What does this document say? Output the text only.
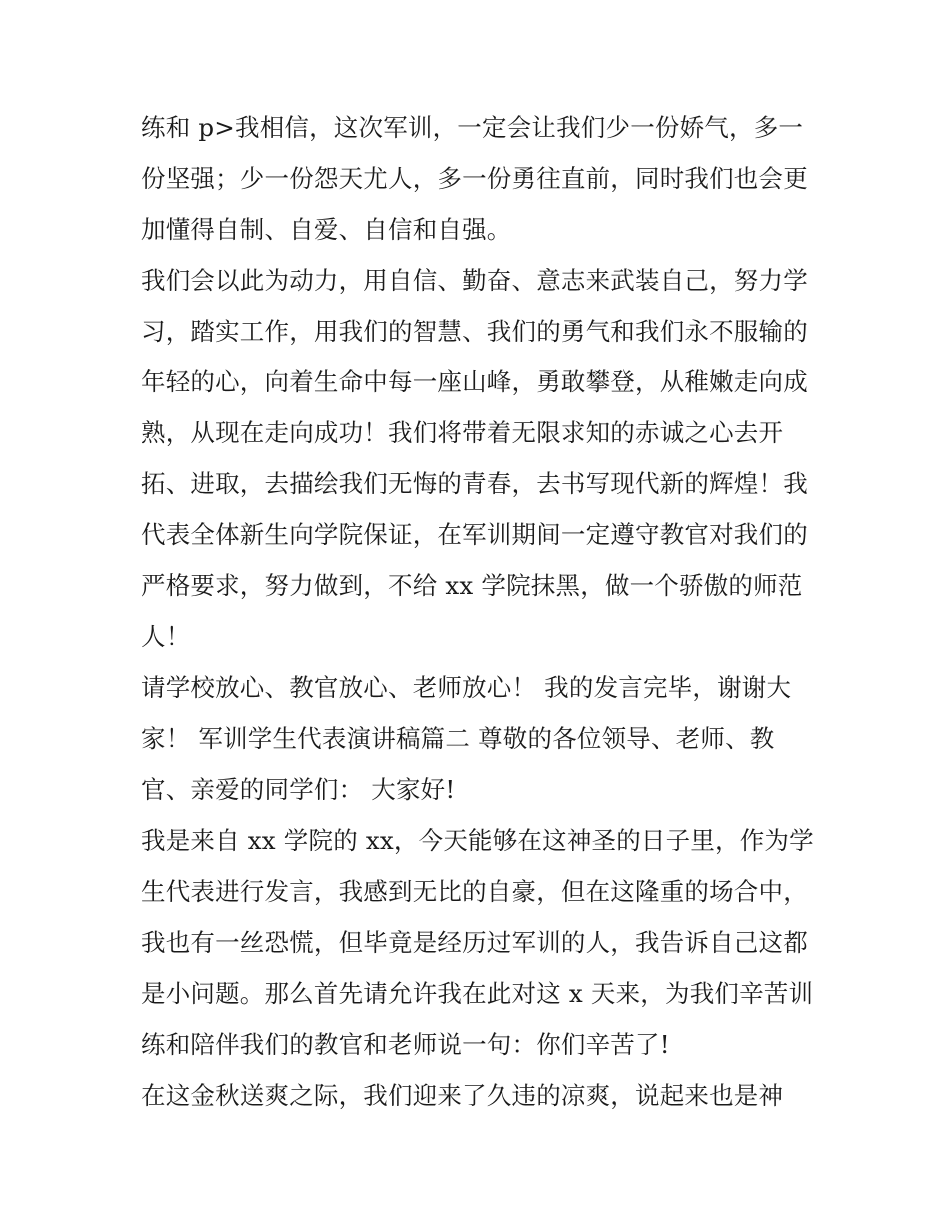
练和 p>我相信，这次军训，一定会让我们少一份娇气，多一
份坚强；少一份怨天尤人，多一份勇往直前，同时我们也会更
加懂得自制、自爱、自信和自强。
我们会以此为动力，用自信、勤奋、意志来武装自己，努力学
习，踏实工作，用我们的智慧、我们的勇气和我们永不服输的
年轻的心，向着生命中每一座山峰，勇敢攀登，从稚嫩走向成
熟，从现在走向成功！我们将带着无限求知的赤诚之心去开
拓、进取，去描绘我们无悔的青春，去书写现代新的辉煌！我
代表全体新生向学院保证，在军训期间一定遵守教官对我们的
严格要求，努力做到，不给 xx 学院抹黑，做一个骄傲的师范
人！
请学校放心、教官放心、老师放心！ 我的发言完毕，谢谢大
家！ 军训学生代表演讲稿篇二 尊敬的各位领导、老师、教
官、亲爱的同学们： 大家好!
我是来自 xx 学院的 xx，今天能够在这神圣的日子里，作为学
生代表进行发言，我感到无比的自豪，但在这隆重的场合中，
我也有一丝恐慌，但毕竟是经历过军训的人，我告诉自己这都
是小问题。那么首先请允许我在此对这 x 天来，为我们辛苦训
练和陪伴我们的教官和老师说一句：你们辛苦了!
在这金秋送爽之际，我们迎来了久违的凉爽，说起来也是神
